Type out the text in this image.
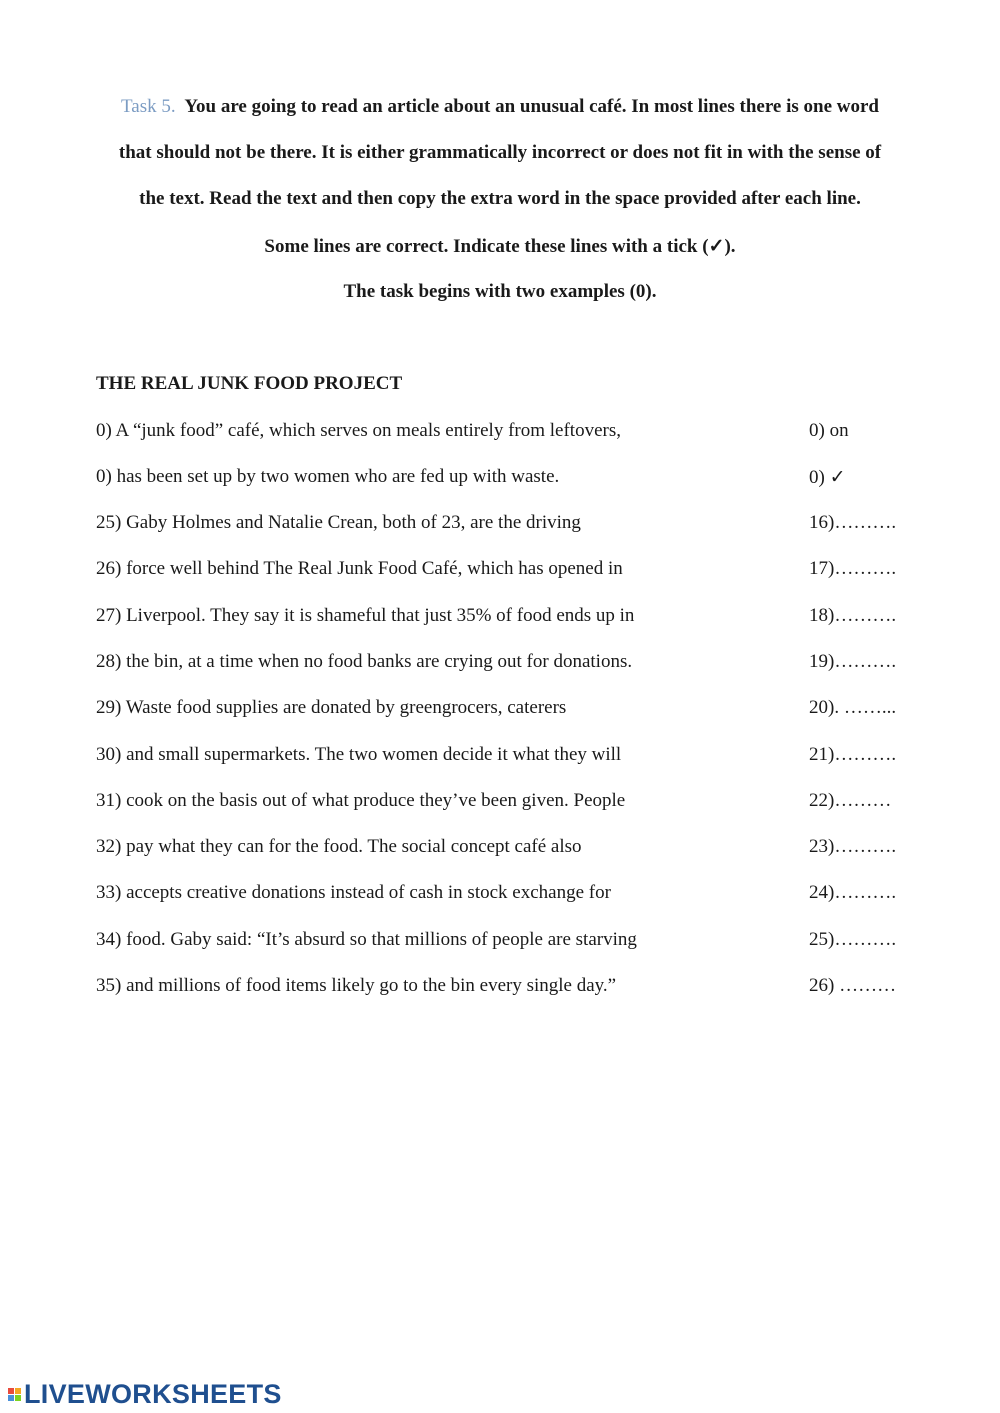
Task 5. You are going to read an article about an unusual café. In most lines there is one word
that should not be there. It is either grammatically incorrect or does not fit in with the sense of
the text. Read the text and then copy the extra word in the space provided after each line.
Some lines are correct. Indicate these lines with a tick (✓).
The task begins with two examples (0).
THE REAL JUNK FOOD PROJECT
0) A “junk food” café, which serves on meals entirely from leftovers,	0) on
0) has been set up by two women who are fed up with waste.	0) ✓
25) Gaby Holmes and Natalie Crean, both of 23, are the driving	16)……….
26) force well behind The Real Junk Food Café, which has opened in	17)……….
27) Liverpool. They say it is shameful that just 35% of food ends up in	18)……….
28) the bin, at a time when no food banks are crying out for donations.	19)……….
29) Waste food supplies are donated by greengrocers, caterers	20). ……...
30) and small supermarkets. The two women decide it what they will	21)……….
31) cook on the basis out of what produce they’ve been given. People	22)………
32) pay what they can for the food. The social concept café also	23)……….
33) accepts creative donations instead of cash in stock exchange for	24)……….
34) food. Gaby said: “It’s absurd so that millions of people are starving	25)……….
35) and millions of food items likely go to the bin every single day.”	26) ………
LIVEWORKSHEETS
